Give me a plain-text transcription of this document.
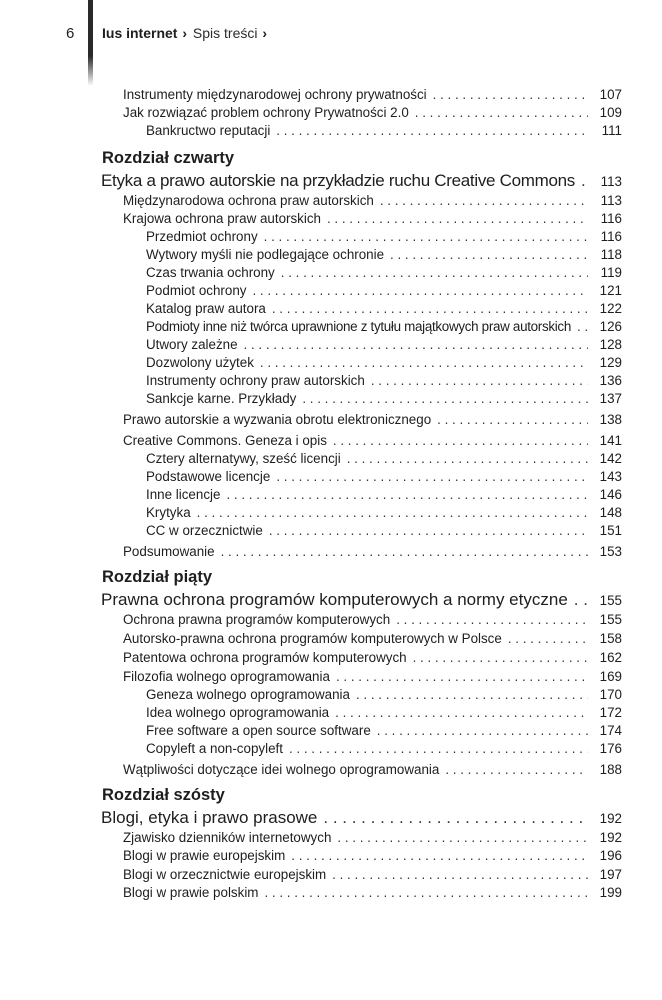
6 Ius internet › Spis treści ›
Instrumenty międzynarodowej ochrony prywatności . . .	107
Jak rozwiązać problem ochrony Prywatności 2.0 . . .	109
Bankructwo reputacji . . .	111
Rozdział czwarty
Etyka a prawo autorskie na przykładzie ruchu Creative Commons . . .	113
Międzynarodowa ochrona praw autorskich . . .	113
Krajowa ochrona praw autorskich . . .	116
Przedmiot ochrony . . .	116
Wytwory myśli nie podlegające ochronie . . .	118
Czas trwania ochrony . . .	119
Podmiot ochrony . . .	121
Katalog praw autora . . .	122
Podmioty inne niż twórca uprawnione z tytułu majątkowych praw autorskich . . .	126
Utwory zależne . . .	128
Dozwolony użytek . . .	129
Instrumenty ochrony praw autorskich . . .	136
Sankcje karne. Przykłady . . .	137
Prawo autorskie a wyzwania obrotu elektronicznego . . .	138
Creative Commons. Geneza i opis . . .	141
Cztery alternatywy, sześć licencji . . .	142
Podstawowe licencje . . .	143
Inne licencje . . .	146
Krytyka . . .	148
CC w orzecznictwie . . .	151
Podsumowanie . . .	153
Rozdział piąty
Prawna ochrona programów komputerowych a normy etyczne . . .	155
Ochrona prawna programów komputerowych . . .	155
Autorsko-prawna ochrona programów komputerowych w Polsce . . .	158
Patentowa ochrona programów komputerowych . . .	162
Filozofia wolnego oprogramowania . . .	169
Geneza wolnego oprogramowania . . .	170
Idea wolnego oprogramowania . . .	172
Free software a open source software . . .	174
Copyleft a non-copyleft . . .	176
Wątpliwości dotyczące idei wolnego oprogramowania . . .	188
Rozdział szósty
Blogi, etyka i prawo prasowe . . .	192
Zjawisko dzienników internetowych . . .	192
Blogi w prawie europejskim . . .	196
Blogi w orzecznictwie europejskim . . .	197
Blogi w prawie polskim . . .	199
